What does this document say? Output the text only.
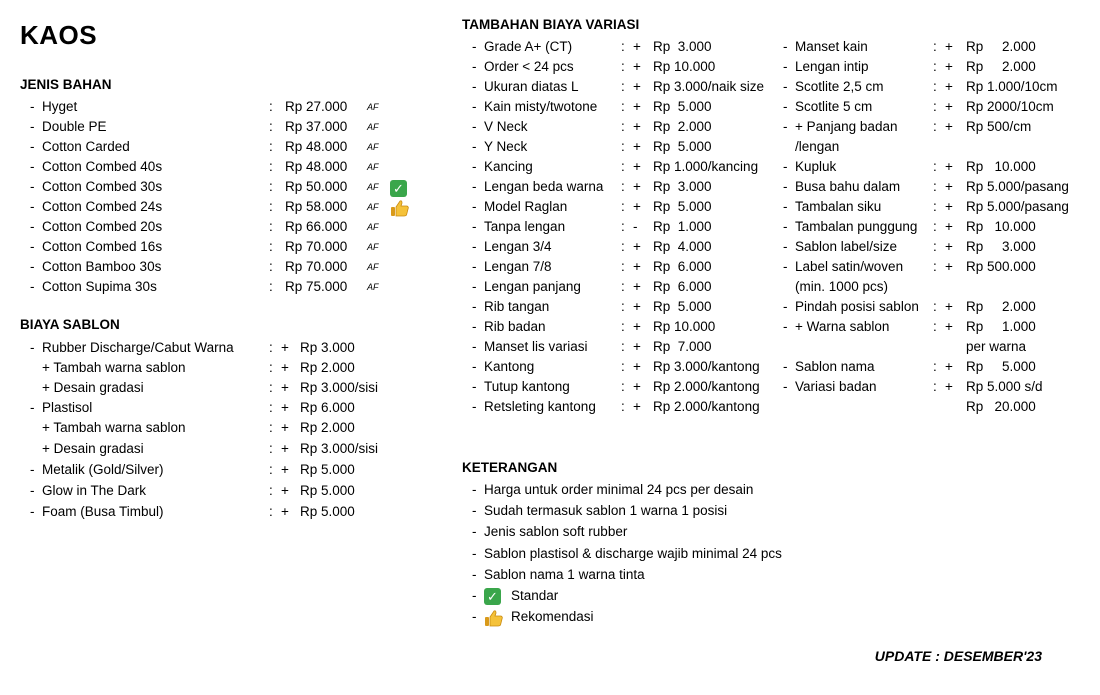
KAOS
JENIS BAHAN
- Hyget	: Rp 27.000 AF
- Double PE	: Rp 37.000 AF
- Cotton Carded	: Rp 48.000 AF
- Cotton Combed 40s	: Rp 48.000 AF
- Cotton Combed 30s	: Rp 50.000 AF ✓
- Cotton Combed 24s	: Rp 58.000 AF
- Cotton Combed 20s	: Rp 66.000 AF
- Cotton Combed 16s	: Rp 70.000 AF
- Cotton Bamboo 30s	: Rp 70.000 AF
- Cotton Supima 30s	: Rp 75.000 AF
BIAYA SABLON
- Rubber Discharge/Cabut Warna	: + Rp 3.000
+ Tambah warna sablon	: + Rp 2.000
+ Desain gradasi	: + Rp 3.000/sisi
- Plastisol	: + Rp 6.000
+ Tambah warna sablon	: + Rp 2.000
+ Desain gradasi	: + Rp 3.000/sisi
- Metalik (Gold/Silver)	: + Rp 5.000
- Glow in The Dark	: + Rp 5.000
- Foam (Busa Timbul)	: + Rp 5.000
TAMBAHAN BIAYA VARIASI
- Grade A+ (CT)	: + Rp  3.000
- Order < 24 pcs	: + Rp 10.000
- Ukuran diatas L	: + Rp 3.000/naik size
- Kain misty/twotone : + Rp  5.000
- V Neck	: + Rp  2.000
- Y Neck	: + Rp  5.000
- Kancing	: + Rp 1.000/kancing
- Lengan beda warna : + Rp  3.000
- Model Raglan	: + Rp  5.000
- Tanpa lengan	: - Rp  1.000
- Lengan 3/4	: + Rp  4.000
- Lengan 7/8	: + Rp  6.000
- Lengan panjang	: + Rp  6.000
- Rib tangan	: + Rp  5.000
- Rib badan	: + Rp 10.000
- Manset lis variasi : + Rp  7.000
- Kantong	: + Rp 3.000/kantong
- Tutup kantong	: + Rp 2.000/kantong
- Retsleting kantong : + Rp 2.000/kantong
- Manset kain	: + Rp     2.000
- Lengan intip	: + Rp     2.000
- Scotlite 2,5 cm	: + Rp 1.000/10cm
- Scotlite 5 cm	: + Rp 2000/10cm
- + Panjang badan	: + Rp 500/cm
/lengan
- Kupluk	: + Rp   10.000
- Busa bahu dalam : + Rp 5.000/pasang
- Tambalan siku	: + Rp 5.000/pasang
- Tambalan punggung : + Rp   10.000
- Sablon label/size	: + Rp     3.000
- Label satin/woven : + Rp 500.000
(min. 1000 pcs)
- Pindah posisi sablon : + Rp     2.000
- + Warna sablon	: + Rp     1.000
per warna
- Sablon nama	: + Rp     5.000
- Variasi badan	: + Rp 5.000 s/d
Rp   20.000
KETERANGAN
- Harga untuk order minimal 24 pcs per desain
- Sudah termasuk sablon 1 warna 1 posisi
- Jenis sablon soft rubber
- Sablon plastisol & discharge wajib minimal 24 pcs
- Sablon nama 1 warna tinta
- ✓ Standar
-	Rekomendasi
UPDATE : DESEMBER'23
